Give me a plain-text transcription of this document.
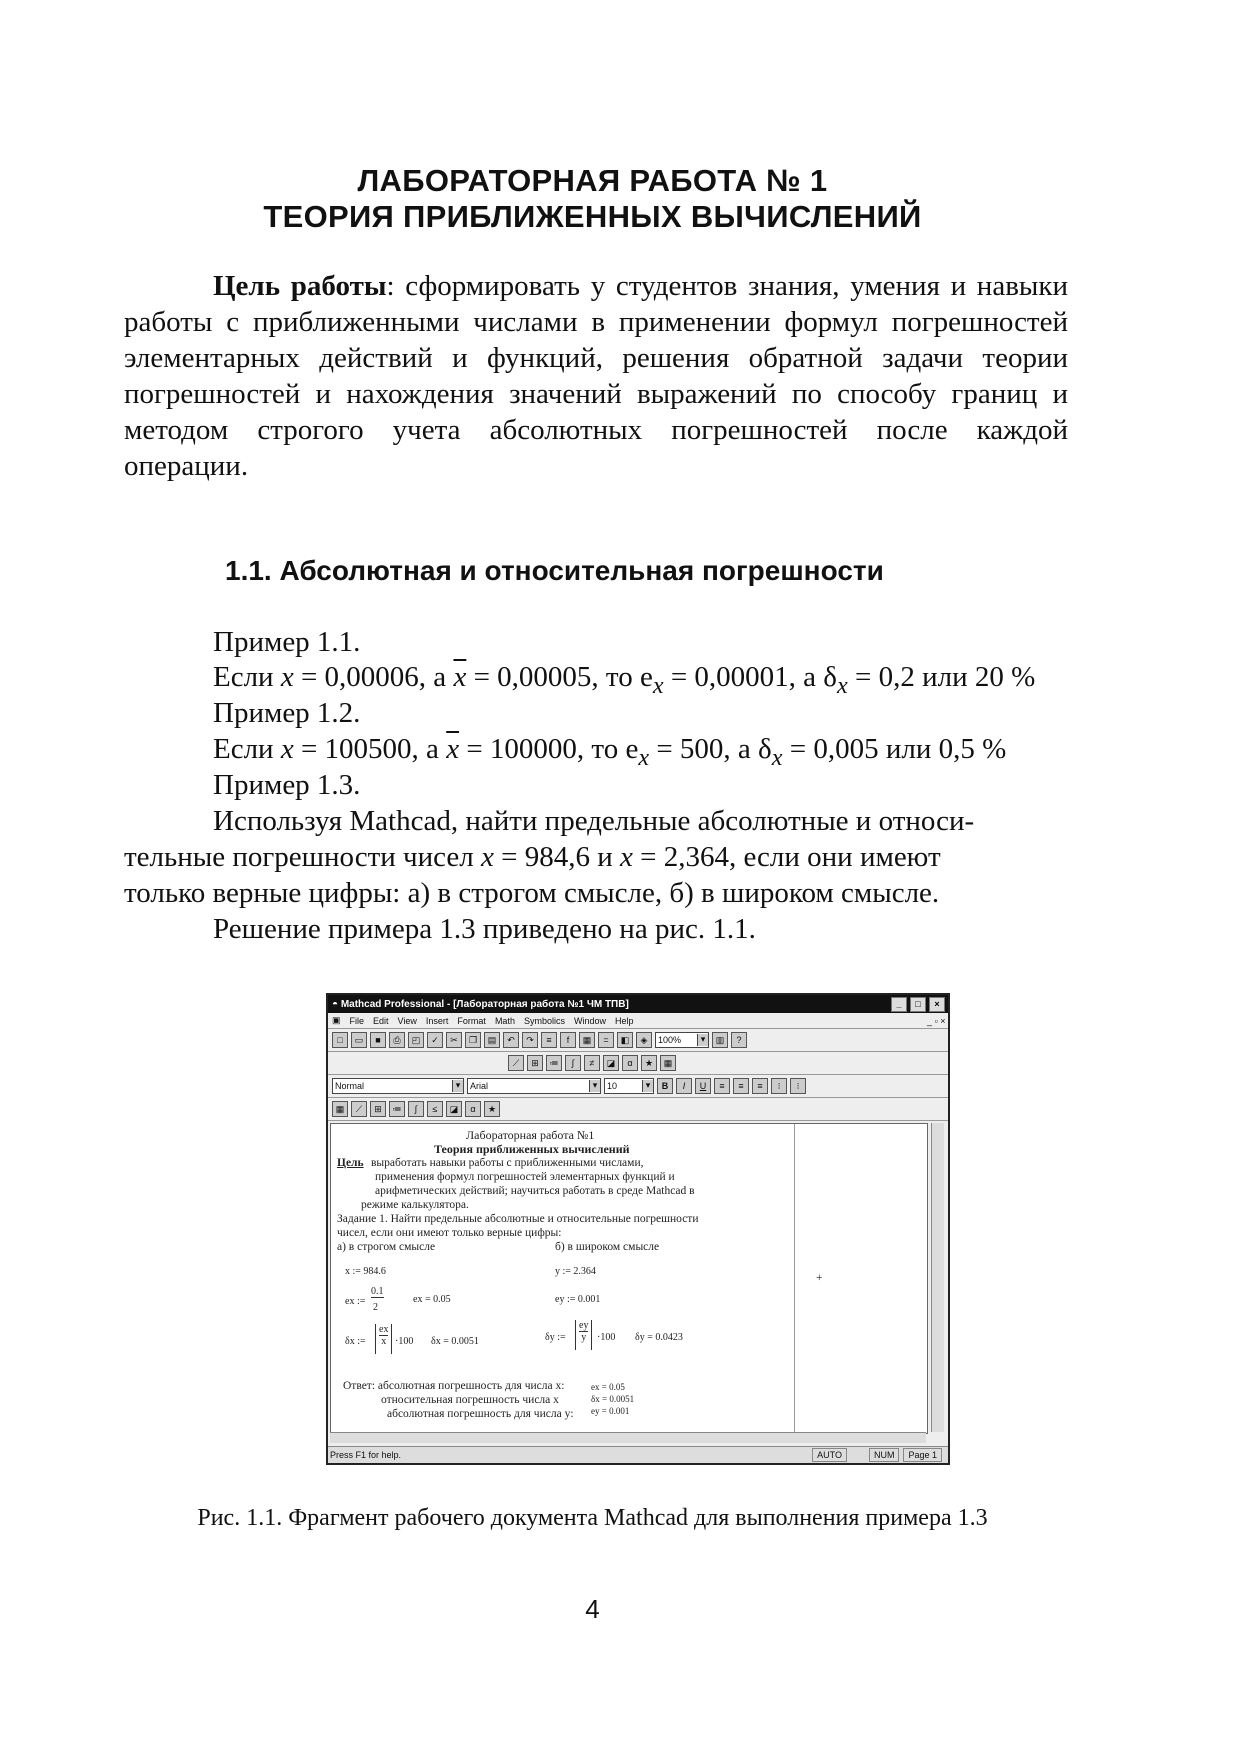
ЛАБОРАТОРНАЯ РАБОТА № 1
ТЕОРИЯ ПРИБЛИЖЕННЫХ ВЫЧИСЛЕНИЙ
Цель работы: сформировать у студентов знания, умения и навыки работы с приближенными числами в применении формул погрешностей элементарных действий и функций, решения обратной задачи теории погрешностей и нахождения значений выражений по способу границ и методом строгого учета абсолютных погрешностей после каждой операции.
1.1. Абсолютная и относительная погрешности
Пример 1.1.
Если x = 0,00006, а $\overline{x} = 0,00005$, то $e_x = 0,00001$, а $\delta_x = 0,2$ или 20 %
Пример 1.2.
Если x = 100500, а $\overline{x} = 100000$, то $e_x = 500$, а $\delta_x = 0,005$ или 0,5 %
Пример 1.3.
Используя Mathcad, найти предельные абсолютные и относи-
тельные погрешности чисел x = 984,6 и x = 2,364, если они имеют
только верные цифры: а) в строгом смысле, б) в широком смысле.
Решение примера 1.3 приведено на рис. 1.1.
◓ Mathcad Professional - [Лабораторная работа №1 ЧМ ТПВ]	_	□	×
▣ File Edit View Insert Format Math Symbolics Window Help	_ ▫ ×
□	▭	■	⎙	◰	✓	✂	❐	▤	↶	↷	≡	f	▦	=	◧	◈	100%	▾	▥	?
⟋	⊞	≔	∫	≠	◪	α	★	▦
Normal	▾	Arial	▾	10	▾	B	I	U	≡	≡	≡	⁝	⁝
▦	⟋	⊞	≔	∫	≤	◪	α	★
Лабораторная работа №1
Теория приближенных вычислений
Цель выработать навыки работы с приближенными числами,
применения формул погрешностей элементарных функций и
арифметических действий; научиться работать в среде Mathcad в
режиме калькулятора.
Задание 1. Найти предельные абсолютные и относительные погрешности
чисел, если они имеют только верные цифры:
а) в строгом смысле	б) в широком смысле
x := 984.6	y := 2.364
ex :=
0.1
2
ex = 0.05	ey := 0.001
δx :=
ex
x ·100 δx = 0.0051	δy :=
ey
y ·100 δy = 0.0423
+
Ответ: абсолютная погрешность для числа x:	ex = 0.05
относительная погрешность числа x	δx = 0.0051
абсолютная погрешность для числа y: ey = 0.001
Press F1 for help.	AUTO	NUM	Page 1
Рис. 1.1. Фрагмент рабочего документа Mathcad для выполнения примера 1.3
4
